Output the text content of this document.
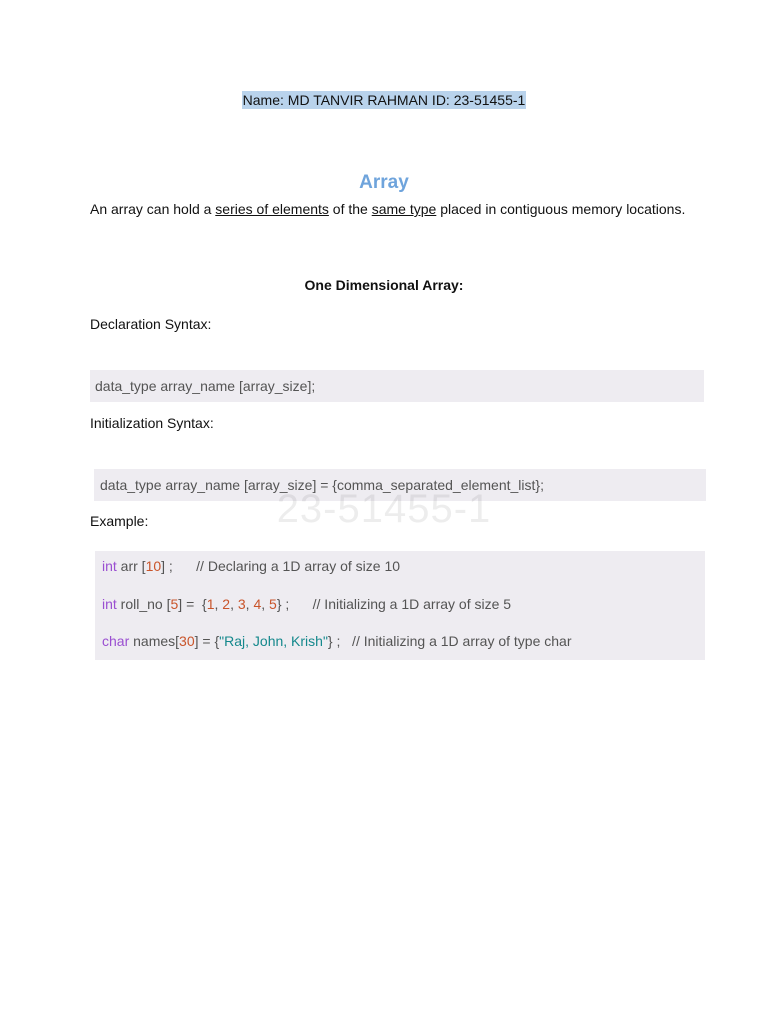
Name: MD TANVIR RAHMAN ID: 23-51455-1
Array
An array can hold a series of elements of the same type placed in contiguous memory locations.
One Dimensional Array:
Declaration Syntax:
data_type array_name [array_size];
Initialization Syntax:
data_type array_name [array_size] = {comma_separated_element_list};
23-51455-1
Example:
int arr [10] ;      // Declaring a 1D array of size 10
int roll_no [5] =  {1, 2, 3, 4, 5} ;      // Initializing a 1D array of size 5
char names[30] = {"Raj, John, Krish"} ;   // Initializing a 1D array of type char
